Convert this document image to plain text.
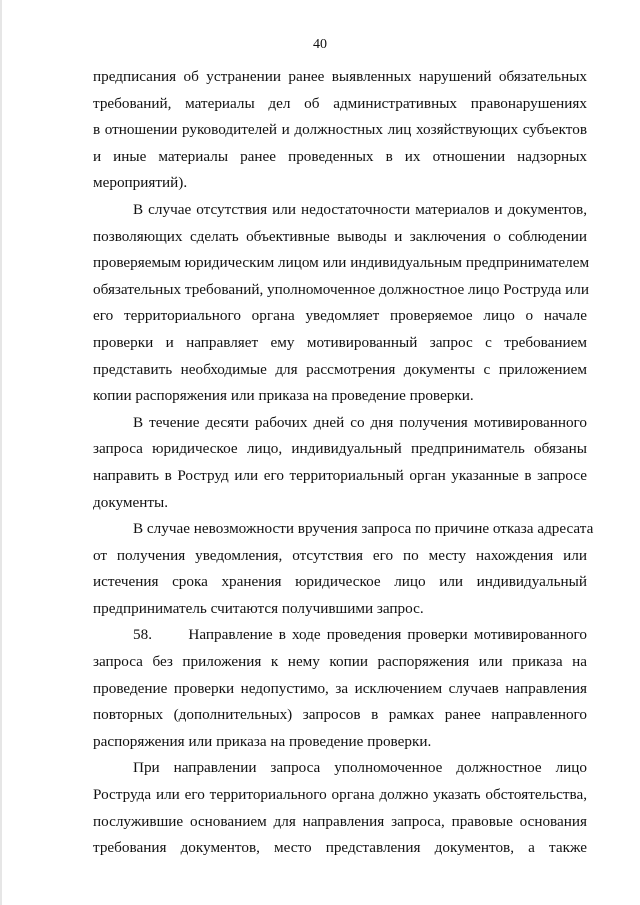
40

предписания об устранении ранее выявленных нарушений обязательных
требований, материалы дел об административных правонарушениях
в отношении руководителей и должностных лиц хозяйствующих субъектов
и иные материалы ранее проведенных в их отношении надзорных
мероприятий).

В случае отсутствия или недостаточности материалов и документов,
позволяющих сделать объективные выводы и заключения о соблюдении
проверяемым юридическим лицом или индивидуальным предпринимателем
обязательных требований, уполномоченное должностное лицо Роструда или
его территориального органа уведомляет проверяемое лицо о начале
проверки и направляет ему мотивированный запрос с требованием
представить необходимые для рассмотрения документы с приложением
копии распоряжения или приказа на проведение проверки.

В течение десяти рабочих дней со дня получения мотивированного
запроса юридическое лицо, индивидуальный предприниматель обязаны
направить в Роструд или его территориальный орган указанные в запросе
документы.

В случае невозможности вручения запроса по причине отказа адресата
от получения уведомления, отсутствия его по месту нахождения или
истечения срока хранения юридическое лицо или индивидуальный
предприниматель считаются получившими запрос.

58.      Направление в ходе проведения проверки мотивированного
запроса без приложения к нему копии распоряжения или приказа на
проведение проверки недопустимо, за исключением случаев направления
повторных (дополнительных) запросов в рамках ранее направленного
распоряжения или приказа на проведение проверки.

При направлении запроса уполномоченное должностное лицо
Роструда или его территориального органа должно указать обстоятельства,
послужившие основанием для направления запроса, правовые основания
требования документов, место представления документов, а также
